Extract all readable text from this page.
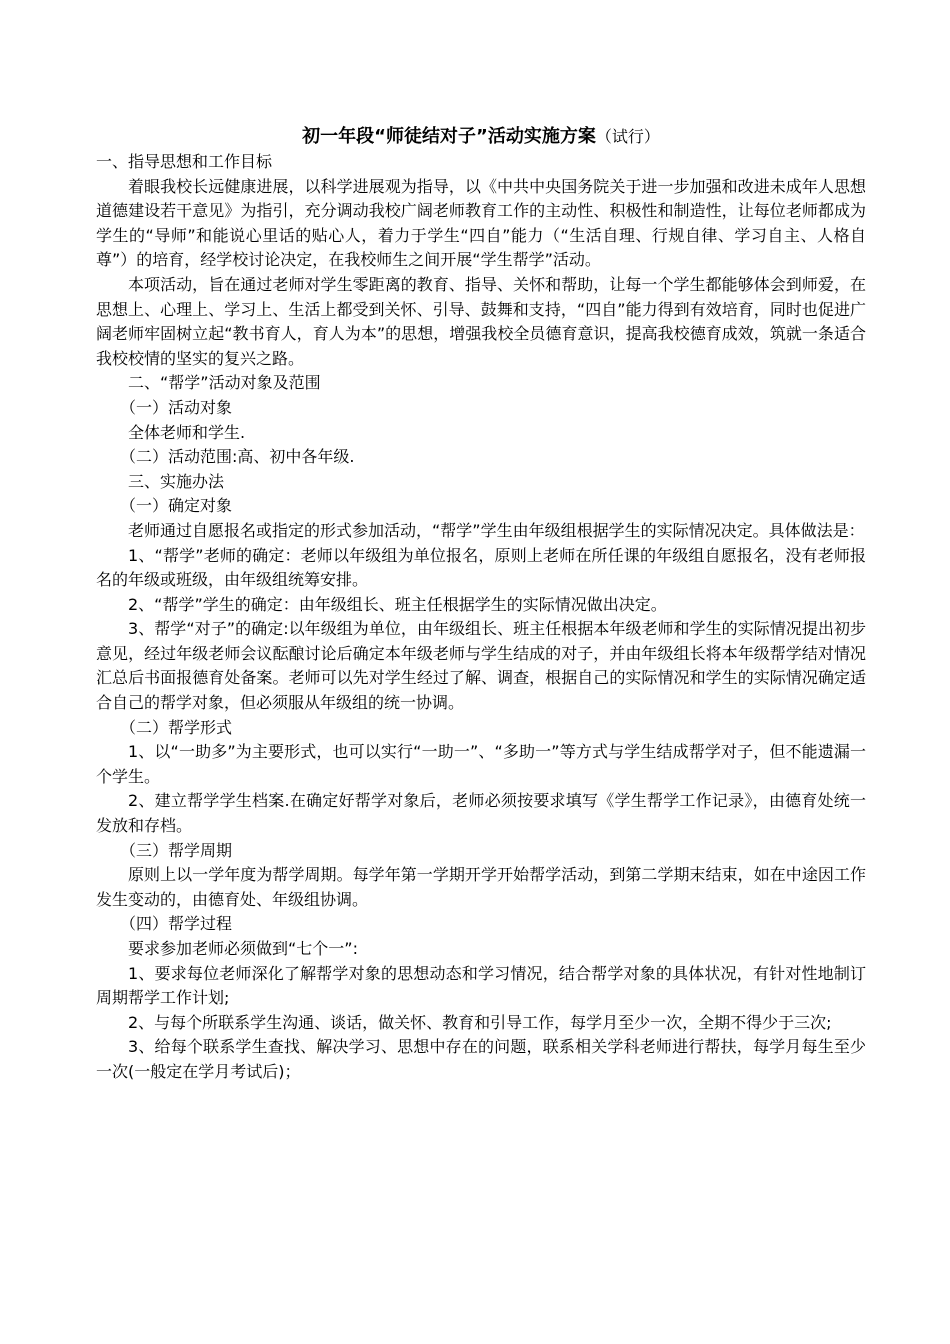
初一年段“师徒结对子”活动实施方案（试行）

一、指导思想和工作目标

着眼我校长远健康进展，以科学进展观为指导，以《中共中央国务院关于进一步加强和改进未成年人思想道德建设若干意见》为指引，充分调动我校广阔老师教育工作的主动性、积极性和制造性，让每位老师都成为学生的“导师”和能说心里话的贴心人，着力于学生“四自”能力（“生活自理、行规自律、学习自主、人格自尊”）的培育，经学校讨论决定，在我校师生之间开展“学生帮学”活动。

本项活动，旨在通过老师对学生零距离的教育、指导、关怀和帮助，让每一个学生都能够体会到师爱，在思想上、心理上、学习上、生活上都受到关怀、引导、鼓舞和支持，“四自”能力得到有效培育，同时也促进广阔老师牢固树立起“教书育人，育人为本”的思想，增强我校全员德育意识，提高我校德育成效，筑就一条适合我校校情的坚实的复兴之路。

二、“帮学”活动对象及范围

（一）活动对象

全体老师和学生.

（二）活动范围:高、初中各年级.

三、实施办法

（一）确定对象

老师通过自愿报名或指定的形式参加活动，“帮学”学生由年级组根据学生的实际情况决定。具体做法是：

1、“帮学”老师的确定：老师以年级组为单位报名，原则上老师在所任课的年级组自愿报名，没有老师报名的年级或班级，由年级组统筹安排。

2、“帮学”学生的确定：由年级组长、班主任根据学生的实际情况做出决定。

3、帮学“对子”的确定:以年级组为单位，由年级组长、班主任根据本年级老师和学生的实际情况提出初步意见，经过年级老师会议酝酿讨论后确定本年级老师与学生结成的对子，并由年级组长将本年级帮学结对情况汇总后书面报德育处备案。老师可以先对学生经过了解、调查，根据自己的实际情况和学生的实际情况确定适合自己的帮学对象，但必须服从年级组的统一协调。

（二）帮学形式

1、以“一助多”为主要形式，也可以实行“一助一”、“多助一”等方式与学生结成帮学对子，但不能遗漏一个学生。

2、建立帮学学生档案.在确定好帮学对象后，老师必须按要求填写《学生帮学工作记录》，由德育处统一发放和存档。

（三）帮学周期

原则上以一学年度为帮学周期。每学年第一学期开学开始帮学活动，到第二学期末结束，如在中途因工作发生变动的，由德育处、年级组协调。

（四）帮学过程

要求参加老师必须做到“七个一”:

1、要求每位老师深化了解帮学对象的思想动态和学习情况，结合帮学对象的具体状况，有针对性地制订周期帮学工作计划;

2、与每个所联系学生沟通、谈话，做关怀、教育和引导工作，每学月至少一次，全期不得少于三次;

3、给每个联系学生查找、解决学习、思想中存在的问题，联系相关学科老师进行帮扶，每学月每生至少一次(一般定在学月考试后)；
